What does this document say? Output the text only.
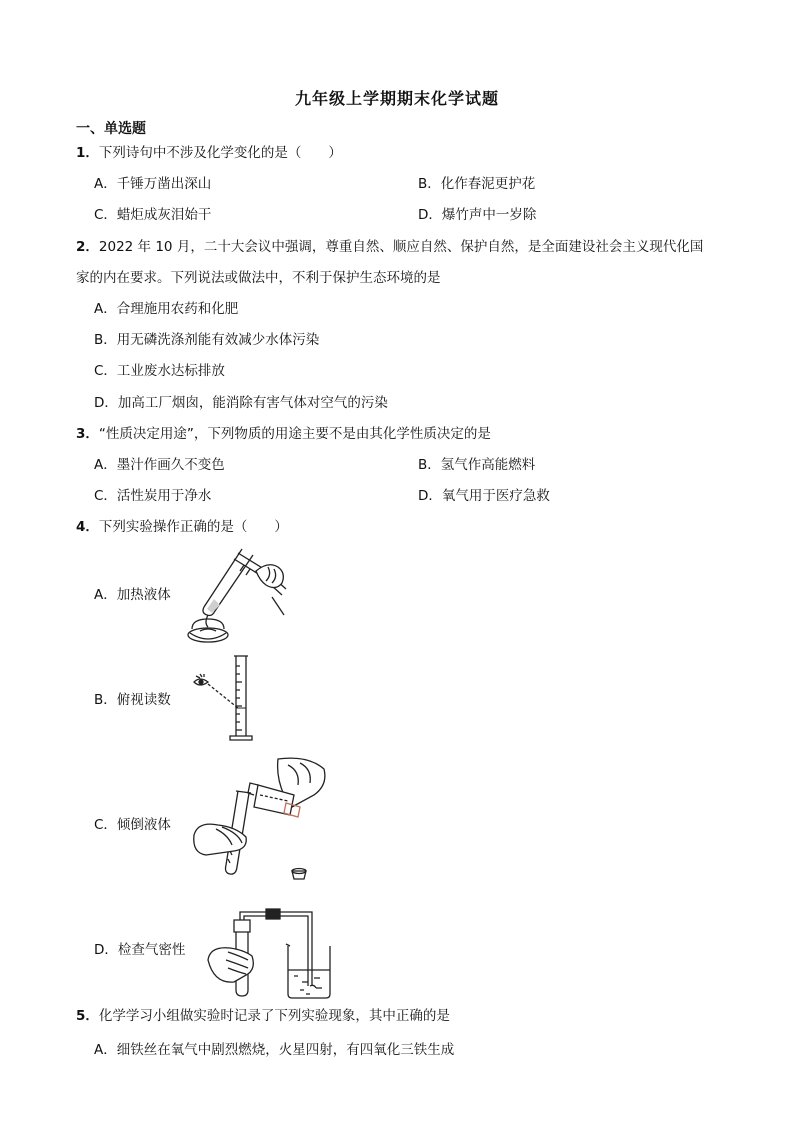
九年级上学期期末化学试题
一、单选题
1．下列诗句中不涉及化学变化的是（　　）
A．千锤万凿出深山	B．化作春泥更护花
C．蜡炬成灰泪始干	D．爆竹声中一岁除
2．2022 年 10 月，二十大会议中强调，尊重自然、顺应自然、保护自然，是全面建设社会主义现代化国
家的内在要求。下列说法或做法中，不利于保护生态环境的是
A．合理施用农药和化肥
B．用无磷洗涤剂能有效减少水体污染
C．工业废水达标排放
D．加高工厂烟囱，能消除有害气体对空气的污染
3．“性质决定用途”，下列物质的用途主要不是由其化学性质决定的是
A．墨汁作画久不变色	B．氢气作高能燃料
C．活性炭用于净水	D．氧气用于医疗急救
4．下列实验操作正确的是（　　）
A．加热液体
B．俯视读数
C．倾倒液体
D．检查气密性
5．化学学习小组做实验时记录了下列实验现象，其中正确的是
A．细铁丝在氧气中剧烈燃烧，火星四射，有四氧化三铁生成
